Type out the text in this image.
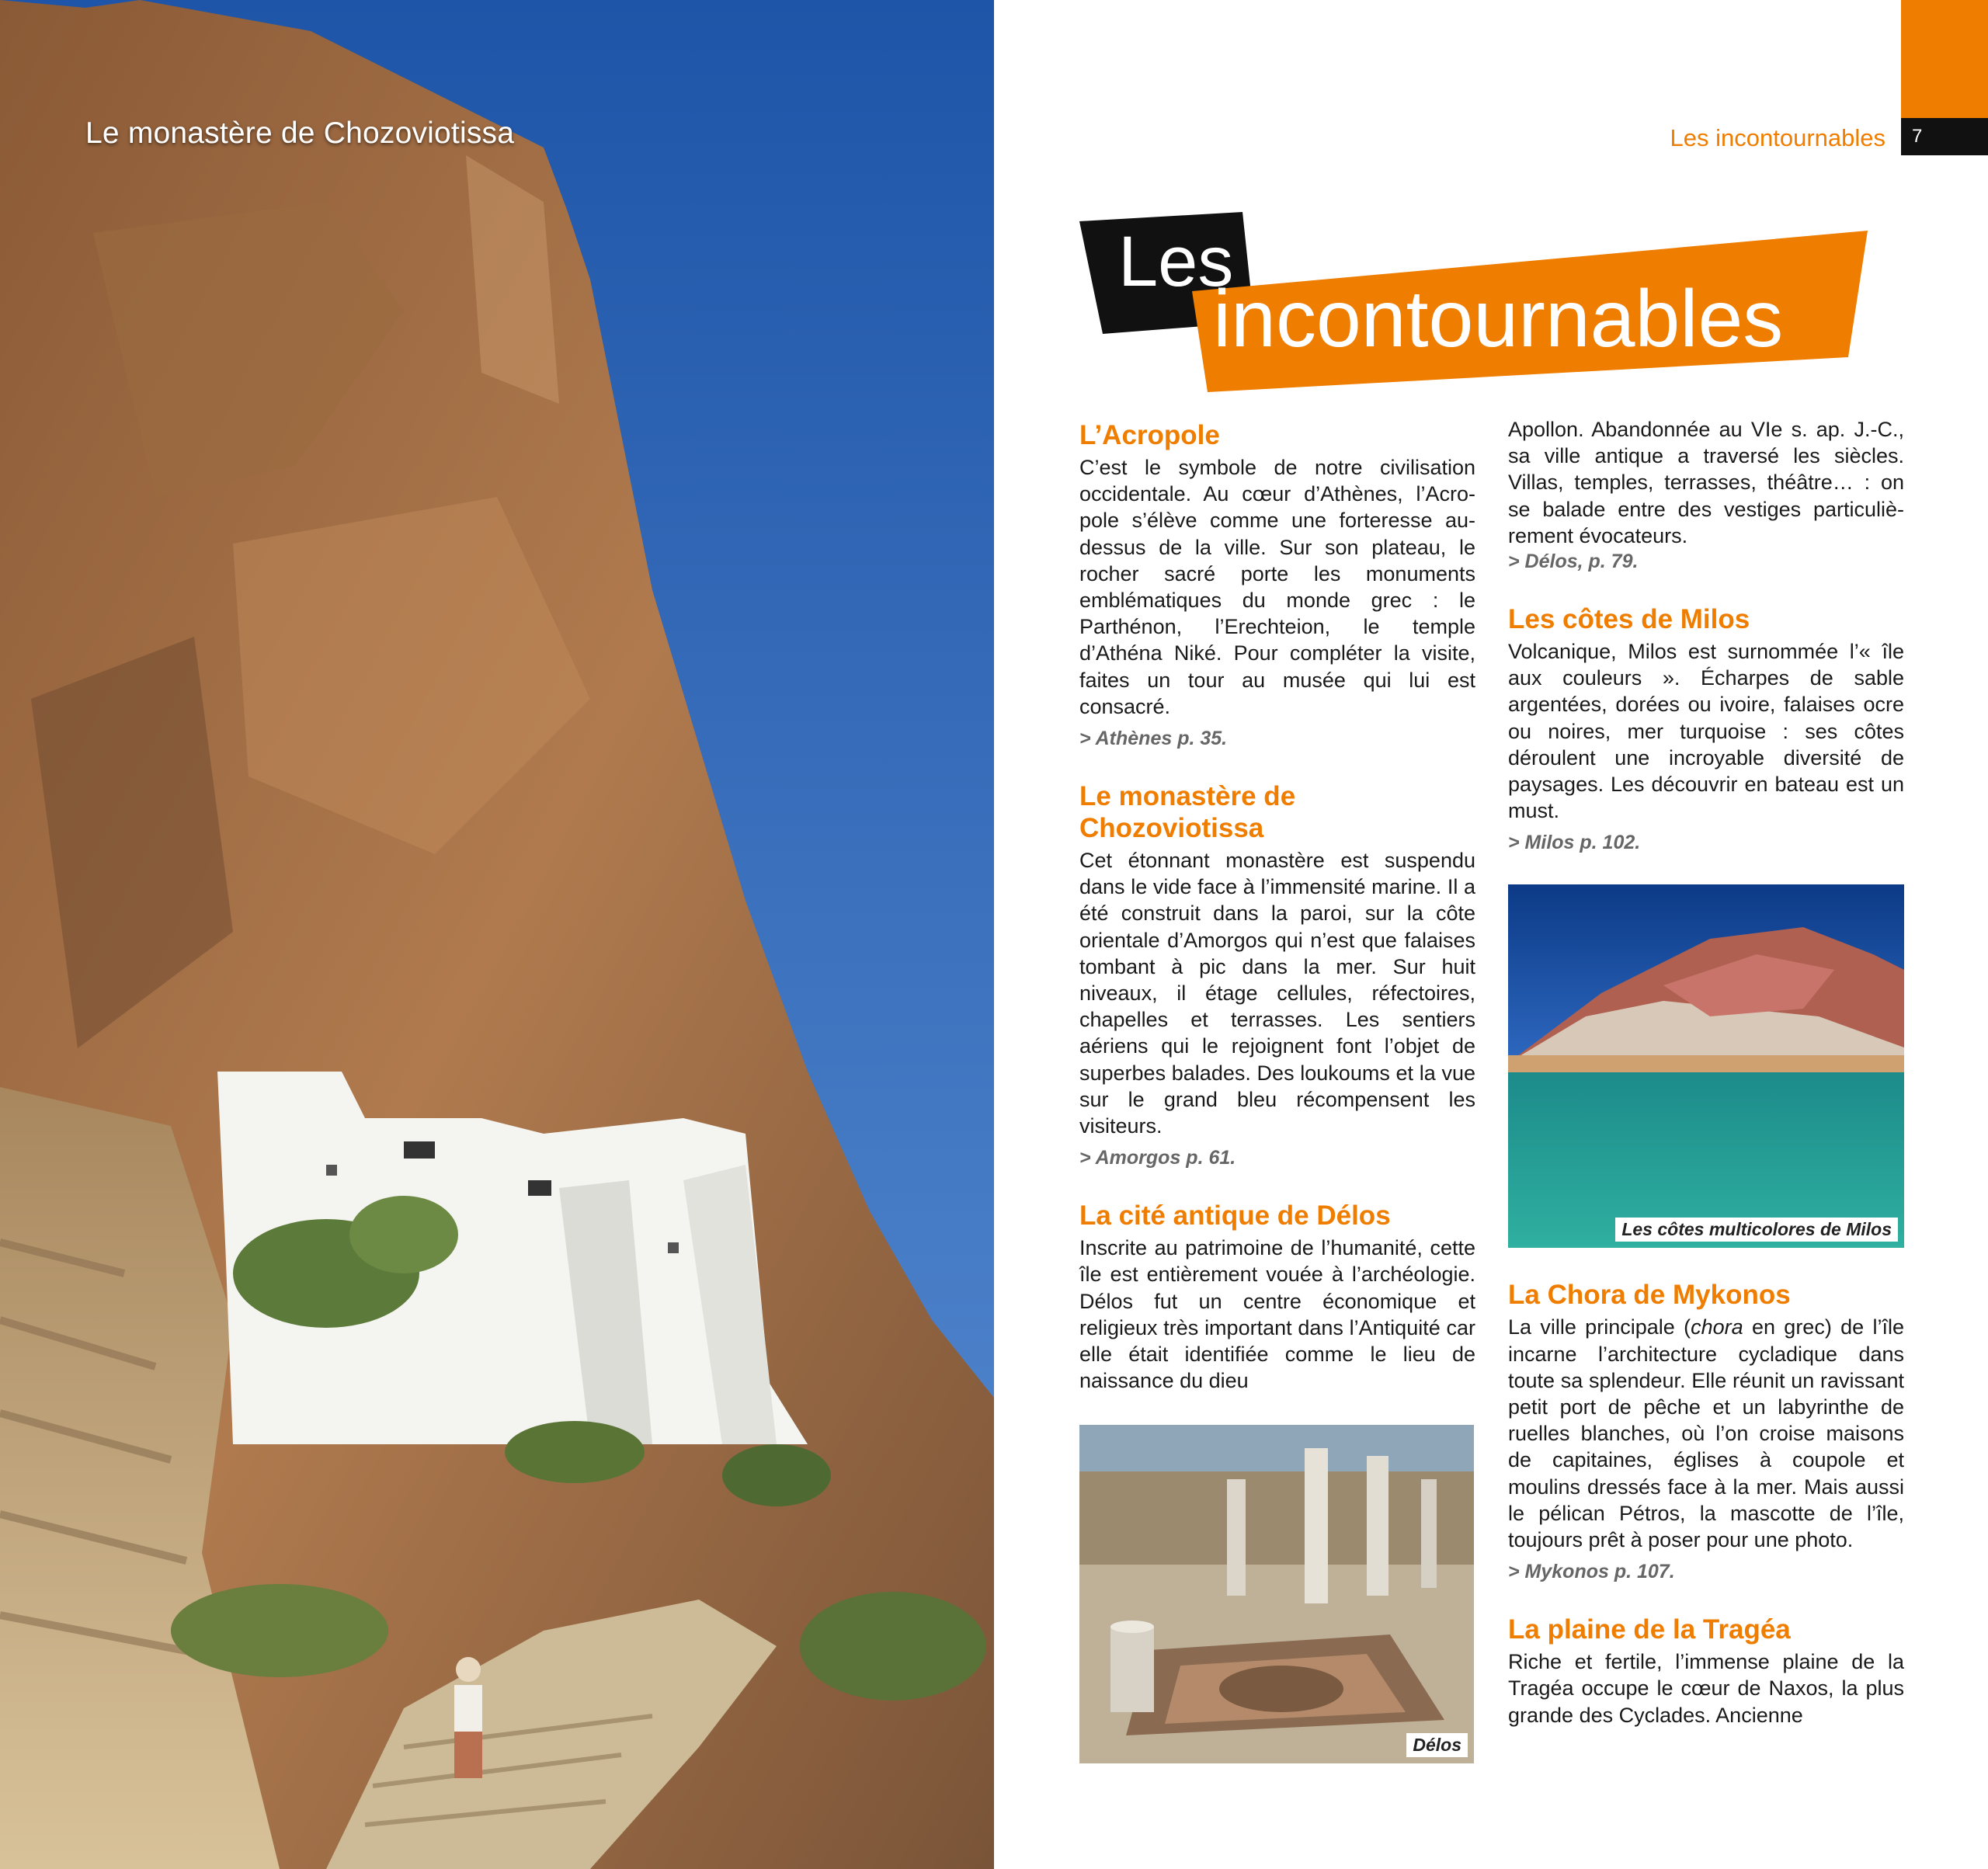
Le monastère de Chozoviotissa	Les incontournables	7
Les
incontournables
L’Acropole

C’est le symbole de notre civilisation occidentale. Au cœur d’Athènes, l’Acropole s’élève comme une forteresse au-dessus de la ville. Sur son plateau, le rocher sacré porte les monuments emblématiques du monde grec : le Parthénon, l’Erechteion, le temple d’Athéna Niké. Pour compléter la visite, faites un tour au musée qui lui est consacré.

> Athènes p. 35.

Le monastère de Chozoviotissa

Cet étonnant monastère est suspendu dans le vide face à l’immensité marine. Il a été construit dans la paroi, sur la côte orientale d’Amorgos qui n’est que falaises tombant à pic dans la mer. Sur huit niveaux, il étage cellules, réfectoires, chapelles et terrasses. Les sentiers aériens qui le rejoignent font l’objet de superbes balades. Des loukoums et la vue sur le grand bleu récompensent les visiteurs.

> Amorgos p. 61.

La cité antique de Délos

Inscrite au patrimoine de l’humanité, cette île est entièrement vouée à l’archéologie. Délos fut un centre économique et religieux très important dans l’Antiquité car elle était identifiée comme le lieu de naissance du dieu

Délos

Apollon. Abandonnée au VIe s. ap. J.-C., sa ville antique a traversé les siècles. Villas, temples, terrasses, théâtre… : on se balade entre des vestiges particulièrement évocateurs.

> Délos, p. 79.

Les côtes de Milos

Volcanique, Milos est surnommée l’« île aux couleurs ». Écharpes de sable argentées, dorées ou ivoire, falaises ocre ou noires, mer turquoise : ses côtes déroulent une incroyable diversité de paysages. Les découvrir en bateau est un must.

> Milos p. 102.

Les côtes multicolores de Milos
La Chora de Mykonos

La ville principale (chora en grec) de l’île incarne l’architecture cycladique dans toute sa splendeur. Elle réunit un ravissant petit port de pêche et un labyrinthe de ruelles blanches, où l’on croise maisons de capitaines, églises à coupole et moulins dressés face à la mer. Mais aussi le pélican Pétros, la mascotte de l’île, toujours prêt à poser pour une photo.

> Mykonos p. 107.

La plaine de la Tragéa

Riche et fertile, l’immense plaine de la Tragéa occupe le cœur de Naxos, la plus grande des Cyclades. Ancienne
